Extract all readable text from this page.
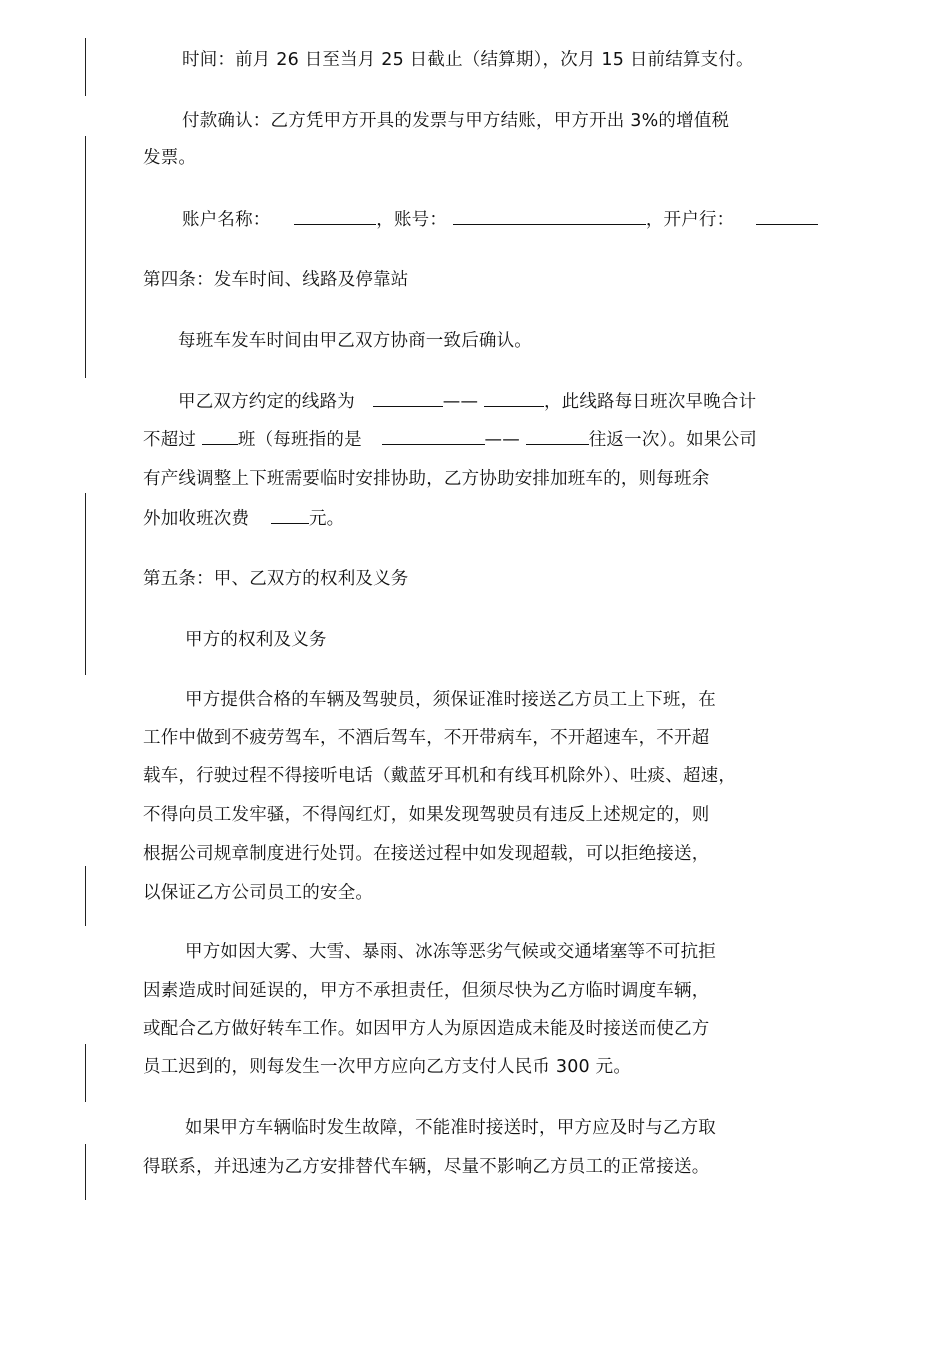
时间：前月 26 日至当月 25 日截止（结算期），次月 15 日前结算支付。
付款确认：乙方凭甲方开具的发票与甲方结账，甲方开出 3%的增值税
发票。
账户名称：	，账号：	，开户行：
第四条：发车时间、线路及停靠站
每班车发车时间由甲乙双方协商一致后确认。
甲乙双方约定的线路为	——	，此线路每日班次早晚合计
不超过 班（每班指的是	——	往返一次）。如果公司
有产线调整上下班需要临时安排协助，乙方协助安排加班车的，则每班余
外加收班次费	元。
第五条：甲、乙双方的权利及义务
甲方的权利及义务
甲方提供合格的车辆及驾驶员，须保证准时接送乙方员工上下班，在
工作中做到不疲劳驾车，不酒后驾车，不开带病车，不开超速车，不开超
载车，行驶过程不得接听电话（戴蓝牙耳机和有线耳机除外）、吐痰、超速，
不得向员工发牢骚，不得闯红灯，如果发现驾驶员有违反上述规定的，则
根据公司规章制度进行处罚。在接送过程中如发现超载，可以拒绝接送，
以保证乙方公司员工的安全。
甲方如因大雾、大雪、暴雨、冰冻等恶劣气候或交通堵塞等不可抗拒
因素造成时间延误的，甲方不承担责任，但须尽快为乙方临时调度车辆，
或配合乙方做好转车工作。如因甲方人为原因造成未能及时接送而使乙方
员工迟到的，则每发生一次甲方应向乙方支付人民币 300 元。
如果甲方车辆临时发生故障，不能准时接送时，甲方应及时与乙方取
得联系，并迅速为乙方安排替代车辆，尽量不影响乙方员工的正常接送。
